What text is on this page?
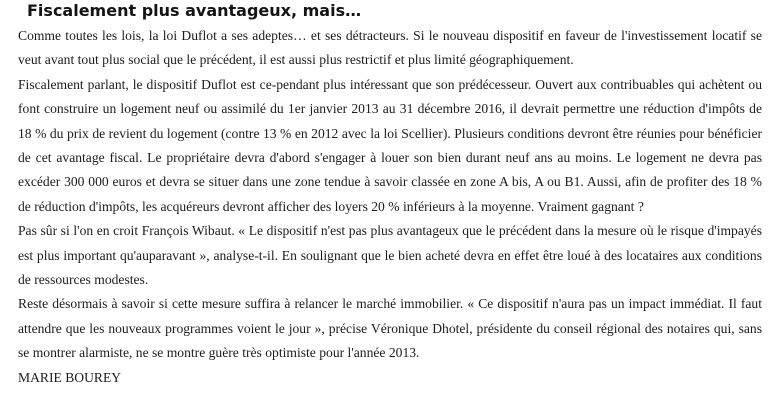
Fiscalement plus avantageux, mais…

Comme toutes les lois, la loi Duflot a ses adeptes… et ses détracteurs. Si le nouveau dispositif en faveur de l'investissement locatif se veut avant tout plus social que le précédent, il est aussi plus restrictif et plus limité géographiquement.

Fiscalement parlant, le dispositif Duflot est ce-pendant plus intéressant que son prédécesseur. Ouvert aux contribuables qui achètent ou font construire un logement neuf ou assimilé du 1er janvier 2013 au 31 décembre 2016, il devrait permettre une réduction d'impôts de 18 % du prix de revient du logement (contre 13 % en 2012 avec la loi Scellier). Plusieurs conditions devront être réunies pour bénéficier de cet avantage fiscal. Le propriétaire devra d'abord s'engager à louer son bien durant neuf ans au moins. Le logement ne devra pas excéder 300 000 euros et devra se situer dans une zone tendue à savoir classée en zone A bis, A ou B1. Aussi, afin de profiter des 18 % de réduction d'impôts, les acquéreurs devront afficher des loyers 20 % inférieurs à la moyenne. Vraiment gagnant ?

Pas sûr si l'on en croit François Wibaut. « Le dispositif n'est pas plus avantageux que le précédent dans la mesure où le risque d'impayés est plus important qu'auparavant », analyse-t-il. En soulignant que le bien acheté devra en effet être loué à des locataires aux conditions de ressources modestes.

Reste désormais à savoir si cette mesure suffira à relancer le marché immobilier. « Ce dispositif n'aura pas un impact immédiat. Il faut attendre que les nouveaux programmes voient le jour », précise Véronique Dhotel, présidente du conseil régional des notaires qui, sans se montrer alarmiste, ne se montre guère très optimiste pour l'année 2013.

MARIE BOUREY
